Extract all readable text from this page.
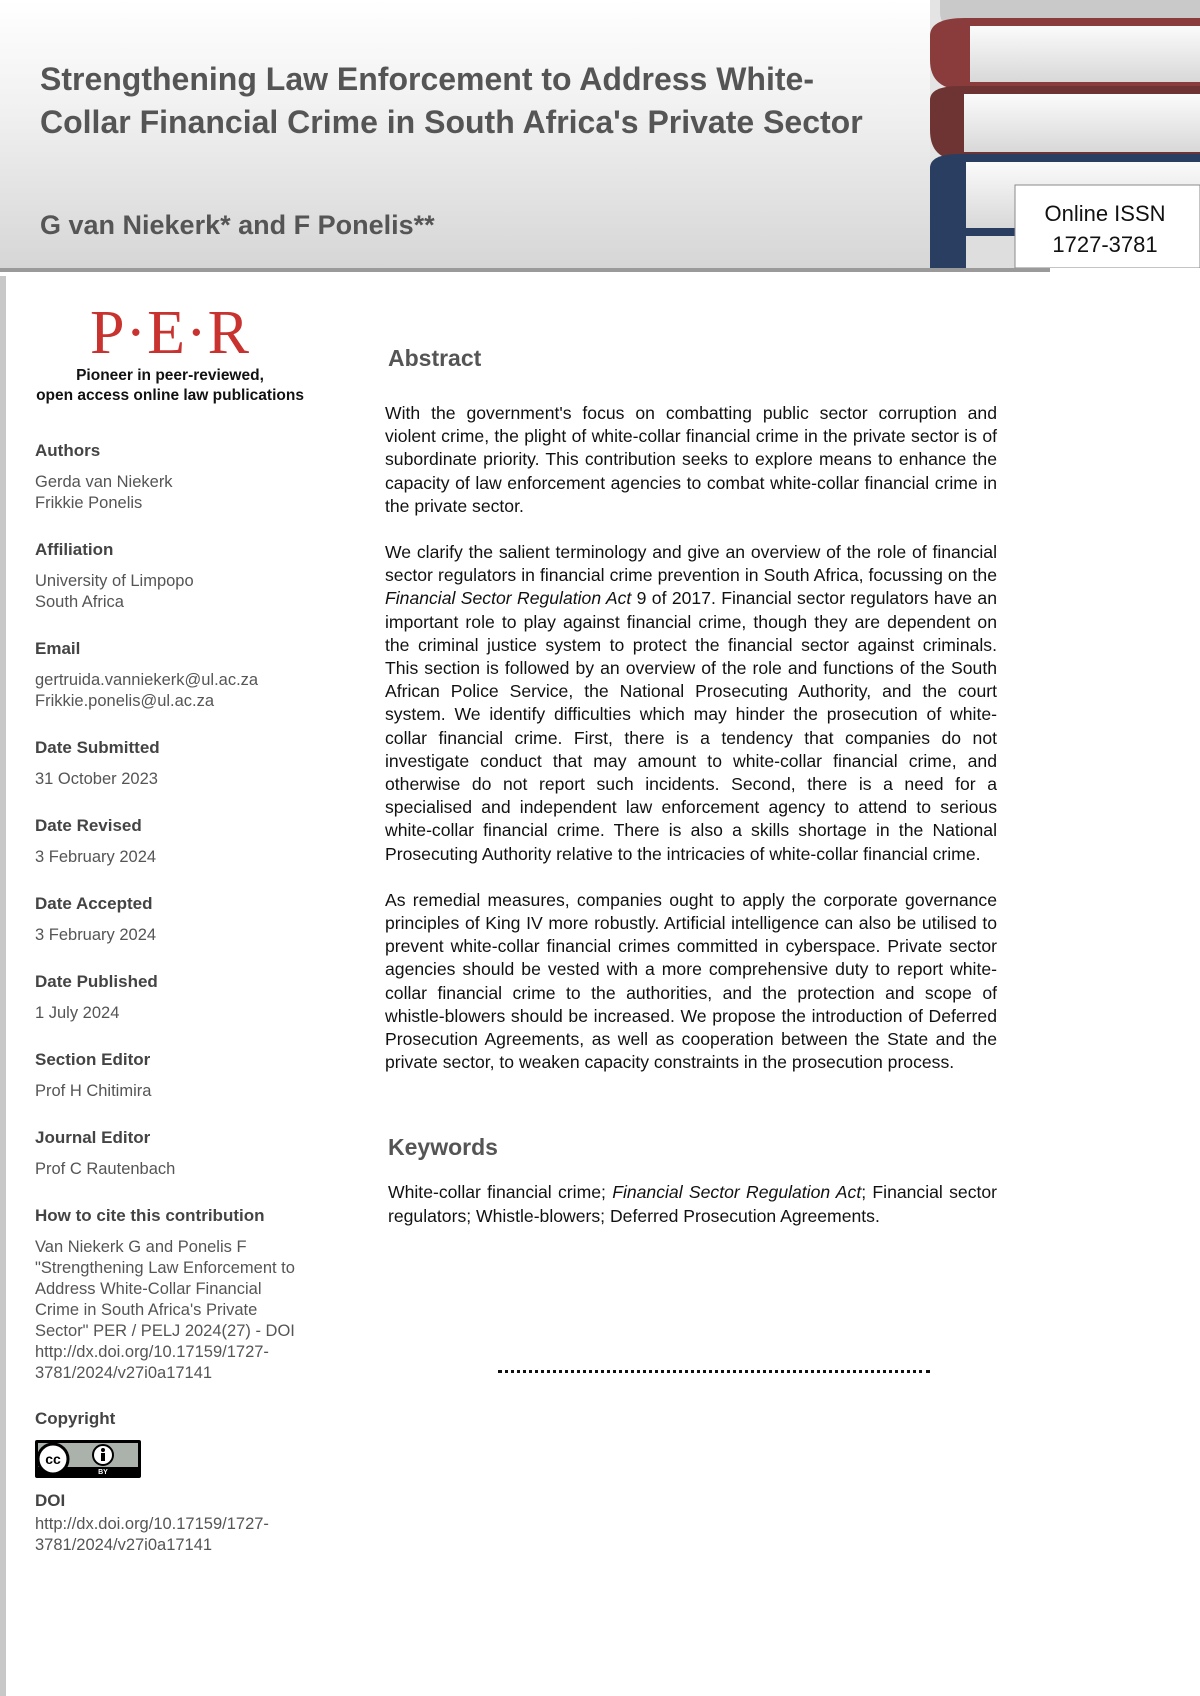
Strengthening Law Enforcement to Address White-Collar Financial Crime in South Africa's Private Sector

G van Niekerk* and F Ponelis**	Online ISSN
1727-3781
P·E·R
Pioneer in peer-reviewed,
open access online law publications

Authors

Gerda van Niekerk
Frikkie Ponelis

Affiliation

University of Limpopo
South Africa

Email

gertruida.vanniekerk@ul.ac.za
Frikkie.ponelis@ul.ac.za

Date Submitted

31 October 2023

Date Revised

3 February 2024

Date Accepted

3 February 2024

Date Published

1 July 2024

Section Editor

Prof H Chitimira

Journal Editor

Prof C Rautenbach

How to cite this contribution

Van Niekerk G and Ponelis F
"Strengthening Law Enforcement to
Address White-Collar Financial
Crime in South Africa's Private
Sector" PER / PELJ 2024(27) - DOI
http://dx.doi.org/10.17159/1727-
3781/2024/v27i0a17141

Copyright

cc
BY

DOI

http://dx.doi.org/10.17159/1727-
3781/2024/v27i0a17141

Abstract

With the government's focus on combatting public sector corruption and violent crime, the plight of white-collar financial crime in the private sector is of subordinate priority. This contribution seeks to explore means to enhance the capacity of law enforcement agencies to combat white-collar financial crime in the private sector.

We clarify the salient terminology and give an overview of the role of financial sector regulators in financial crime prevention in South Africa, focussing on the Financial Sector Regulation Act 9 of 2017. Financial sector regulators have an important role to play against financial crime, though they are dependent on the criminal justice system to protect the financial sector against criminals. This section is followed by an overview of the role and functions of the South African Police Service, the National Prosecuting Authority, and the court system. We identify difficulties which may hinder the prosecution of white-collar financial crime. First, there is a tendency that companies do not investigate conduct that may amount to white-collar financial crime, and otherwise do not report such incidents. Second, there is a need for a specialised and independent law enforcement agency to attend to serious white-collar financial crime. There is also a skills shortage in the National Prosecuting Authority relative to the intricacies of white-collar financial crime.

As remedial measures, companies ought to apply the corporate governance principles of King IV more robustly. Artificial intelligence can also be utilised to prevent white-collar financial crimes committed in cyberspace. Private sector agencies should be vested with a more comprehensive duty to report white-collar financial crime to the authorities, and the protection and scope of whistle-blowers should be increased. We propose the introduction of Deferred Prosecution Agreements, as well as cooperation between the State and the private sector, to weaken capacity constraints in the prosecution process.

Keywords

White-collar financial crime; Financial Sector Regulation Act; Financial sector regulators; Whistle-blowers; Deferred Prosecution Agreements.
